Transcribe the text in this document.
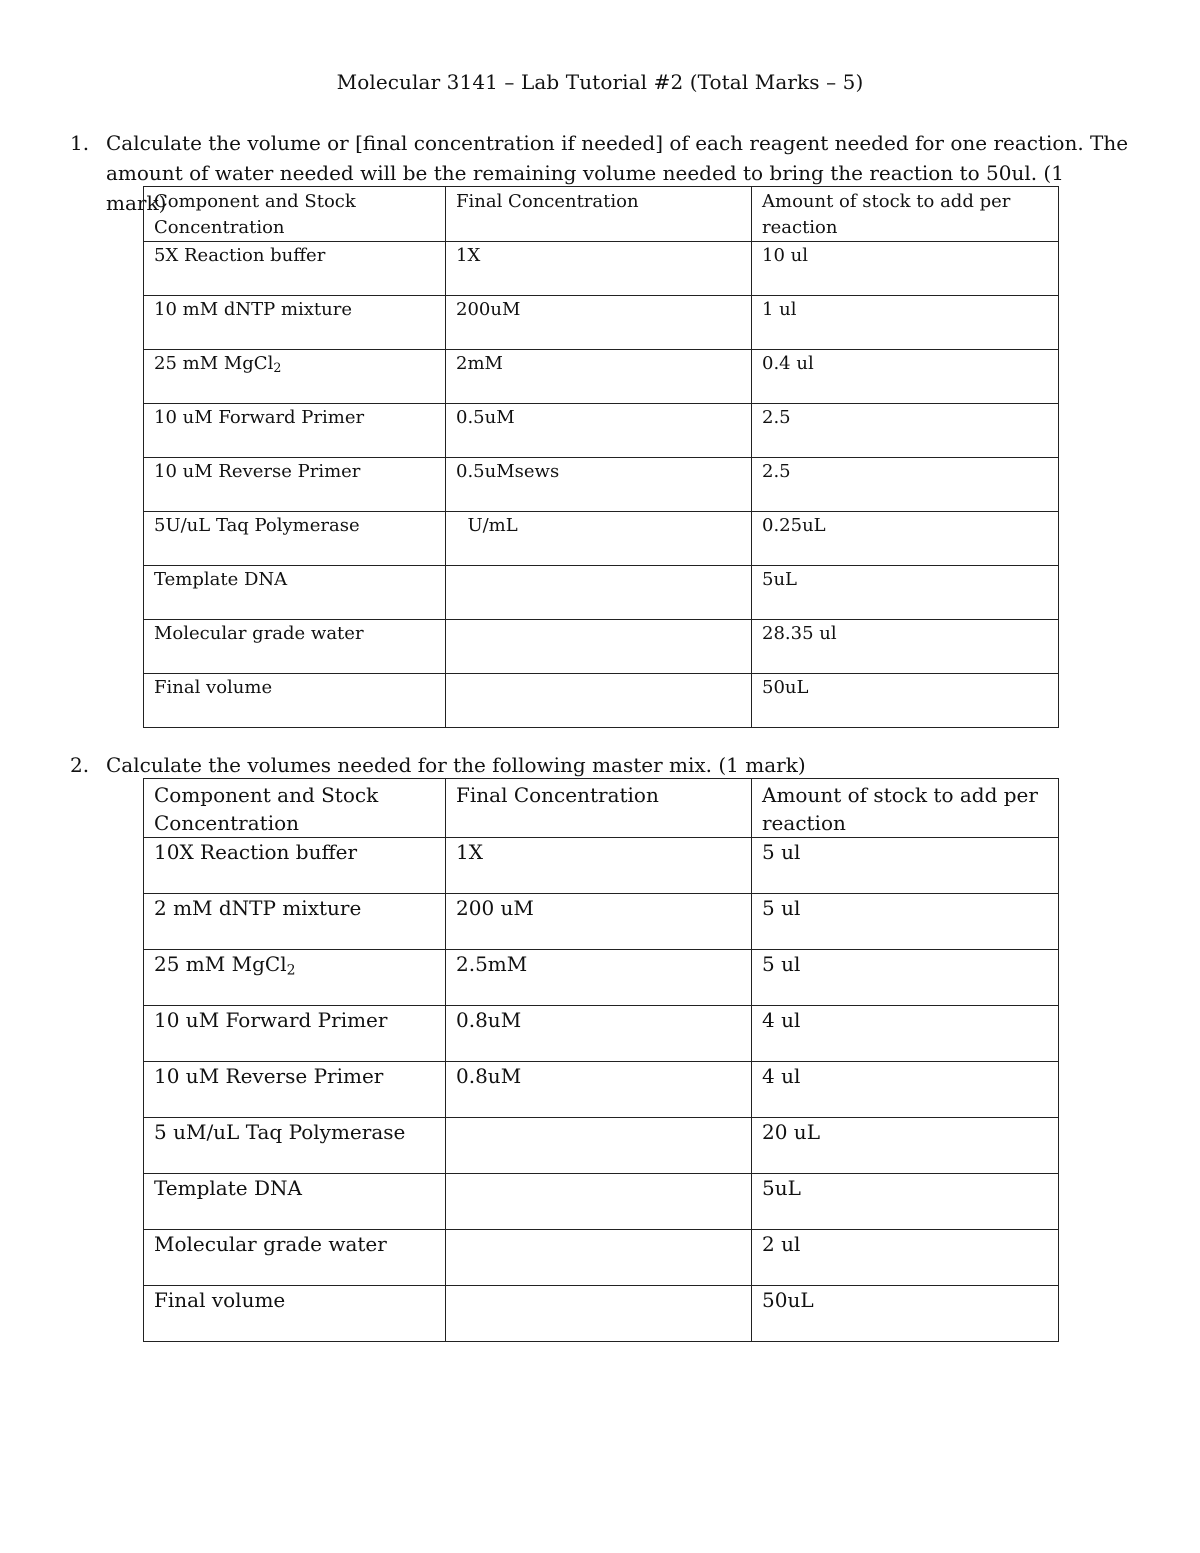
Molecular 3141 – Lab Tutorial #2 (Total Marks – 5)
1. Calculate the volume or [final concentration if needed] of each reagent needed for one reaction. The amount of water needed will be the remaining volume needed to bring the reaction to 50ul. (1 mark)
Component and Stock Concentration	Final Concentration	Amount of stock to add per reaction
5X Reaction buffer	1X	10 ul
10 mM dNTP mixture	200uM	1 ul
25 mM MgCl$_2$	2mM	0.4 ul
10 uM Forward Primer	0.5uM	2.5
10 uM Reverse Primer	0.5uMsews	2.5
5U/uL Taq Polymerase	U/mL	0.25uL
Template DNA		5uL
Molecular grade water		28.35 ul
Final volume		50uL
2. Calculate the volumes needed for the following master mix. (1 mark)
Component and Stock Concentration	Final Concentration	Amount of stock to add per reaction
10X Reaction buffer	1X	5 ul
2 mM dNTP mixture	200 uM	5 ul
25 mM MgCl$_2$	2.5mM	5 ul
10 uM Forward Primer	0.8uM	4 ul
10 uM Reverse Primer	0.8uM	4 ul
5 uM/uL Taq Polymerase		20 uL
Template DNA		5uL
Molecular grade water		2 ul
Final volume		50uL
